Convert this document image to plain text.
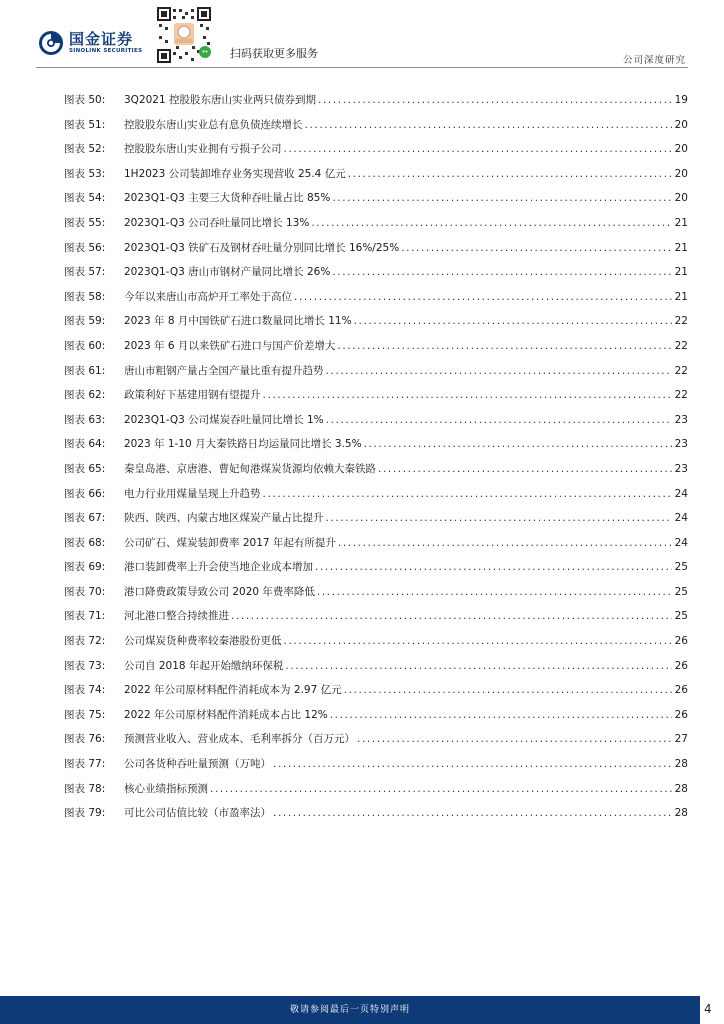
国金证券
SINOLINK SECURITIES	扫码获取更多服务
公司深度研究
图表 50:	3Q2021 控股股东唐山实业两只债券到期 .....	19
图表 51:	控股股东唐山实业总有息负债连续增长 .....	20
图表 52:	控股股东唐山实业拥有亏损子公司 .....	20
图表 53:	1H2023 公司装卸堆存业务实现营收 25.4 亿元 .....	20
图表 54:	2023Q1-Q3 主要三大货种吞吐量占比 85% .....	20
图表 55:	2023Q1-Q3 公司吞吐量同比增长 13% .....	21
图表 56:	2023Q1-Q3 铁矿石及钢材吞吐量分别同比增长 16%/25% .....	21
图表 57:	2023Q1-Q3 唐山市钢材产量同比增长 26% .....	21
图表 58:	今年以来唐山市高炉开工率处于高位 .....	21
图表 59:	2023 年 8 月中国铁矿石进口数量同比增长 11% .....	22
图表 60:	2023 年 6 月以来铁矿石进口与国产价差增大 .....	22
图表 61:	唐山市粗钢产量占全国产量比重有提升趋势 .....	22
图表 62:	政策利好下基建用钢有望提升 .....	22
图表 63:	2023Q1-Q3 公司煤炭吞吐量同比增长 1% .....	23
图表 64:	2023 年 1-10 月大秦铁路日均运量同比增长 3.5% .....	23
图表 65:	秦皇岛港、京唐港、曹妃甸港煤炭货源均依赖大秦铁路 .....	23
图表 66:	电力行业用煤量呈现上升趋势 .....	24
图表 67:	陕西、陕西、内蒙古地区煤炭产量占比提升 .....	24
图表 68:	公司矿石、煤炭装卸费率 2017 年起有所提升 .....	24
图表 69:	港口装卸费率上升会使当地企业成本增加 .....	25
图表 70:	港口降费政策导致公司 2020 年费率降低 .....	25
图表 71:	河北港口整合持续推进 .....	25
图表 72:	公司煤炭货种费率较秦港股份更低 .....	26
图表 73:	公司自 2018 年起开始缴纳环保税 .....	26
图表 74:	2022 年公司原材料配件消耗成本为 2.97 亿元 .....	26
图表 75:	2022 年公司原材料配件消耗成本占比 12% .....	26
图表 76:	预测营业收入、营业成本、毛利率拆分（百万元） .....	27
图表 77:	公司各货种吞吐量预测（万吨） .....	28
图表 78:	核心业绩指标预测 .....	28
图表 79:	可比公司估值比较（市盈率法） .....	28
敬请参阅最后一页特别声明	4
